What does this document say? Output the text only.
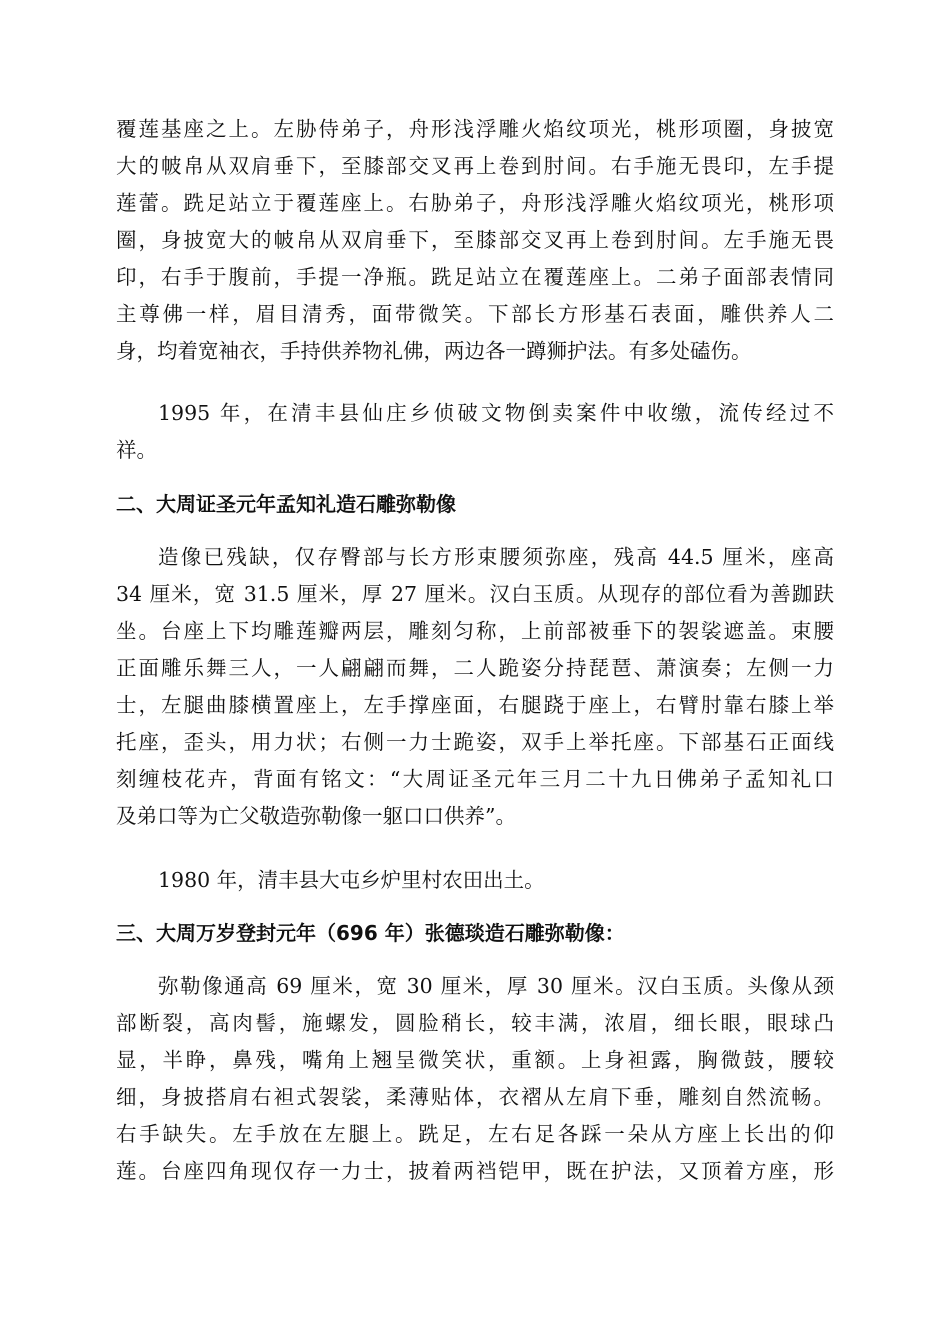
覆莲基座之上。左胁侍弟子，舟形浅浮雕火焰纹项光，桃形项圈，身披宽
大的帔帛从双肩垂下，至膝部交叉再上卷到肘间。右手施无畏印，左手提
莲蕾。跣足站立于覆莲座上。右胁弟子，舟形浅浮雕火焰纹项光，桃形项
圈，身披宽大的帔帛从双肩垂下，至膝部交叉再上卷到肘间。左手施无畏
印，右手于腹前，手提一净瓶。跣足站立在覆莲座上。二弟子面部表情同
主尊佛一样，眉目清秀，面带微笑。下部长方形基石表面，雕供养人二
身，均着宽袖衣，手持供养物礼佛，两边各一蹲狮护法。有多处磕伤。
1995 年，在清丰县仙庄乡侦破文物倒卖案件中收缴，流传经过不
祥。
二、大周证圣元年孟知礼造石雕弥勒像
造像已残缺，仅存臀部与长方形束腰须弥座，残高 44.5 厘米，座高
34 厘米，宽 31.5 厘米，厚 27 厘米。汉白玉质。从现存的部位看为善跏趺
坐。台座上下均雕莲瓣两层，雕刻匀称，上前部被垂下的袈裟遮盖。束腰
正面雕乐舞三人，一人翩翩而舞，二人跪姿分持琵琶、萧演奏；左侧一力
士，左腿曲膝横置座上，左手撑座面，右腿跷于座上，右臂肘靠右膝上举
托座，歪头，用力状；右侧一力士跪姿，双手上举托座。下部基石正面线
刻缠枝花卉，背面有铭文：“大周证圣元年三月二十九日佛弟子孟知礼口
及弟口等为亡父敬造弥勒像一躯口口供养”。
1980 年，清丰县大屯乡炉里村农田出土。
三、大周万岁登封元年（696 年）张德琰造石雕弥勒像：
弥勒像通高 69 厘米，宽 30 厘米，厚 30 厘米。汉白玉质。头像从颈
部断裂，高肉髻，施螺发，圆脸稍长，较丰满，浓眉，细长眼，眼球凸
显，半睁，鼻残，嘴角上翘呈微笑状，重额。上身袒露，胸微鼓，腰较
细，身披搭肩右袒式袈裟，柔薄贴体，衣褶从左肩下垂，雕刻自然流畅。
右手缺失。左手放在左腿上。跣足，左右足各踩一朵从方座上长出的仰
莲。台座四角现仅存一力士，披着两裆铠甲，既在护法，又顶着方座，形
